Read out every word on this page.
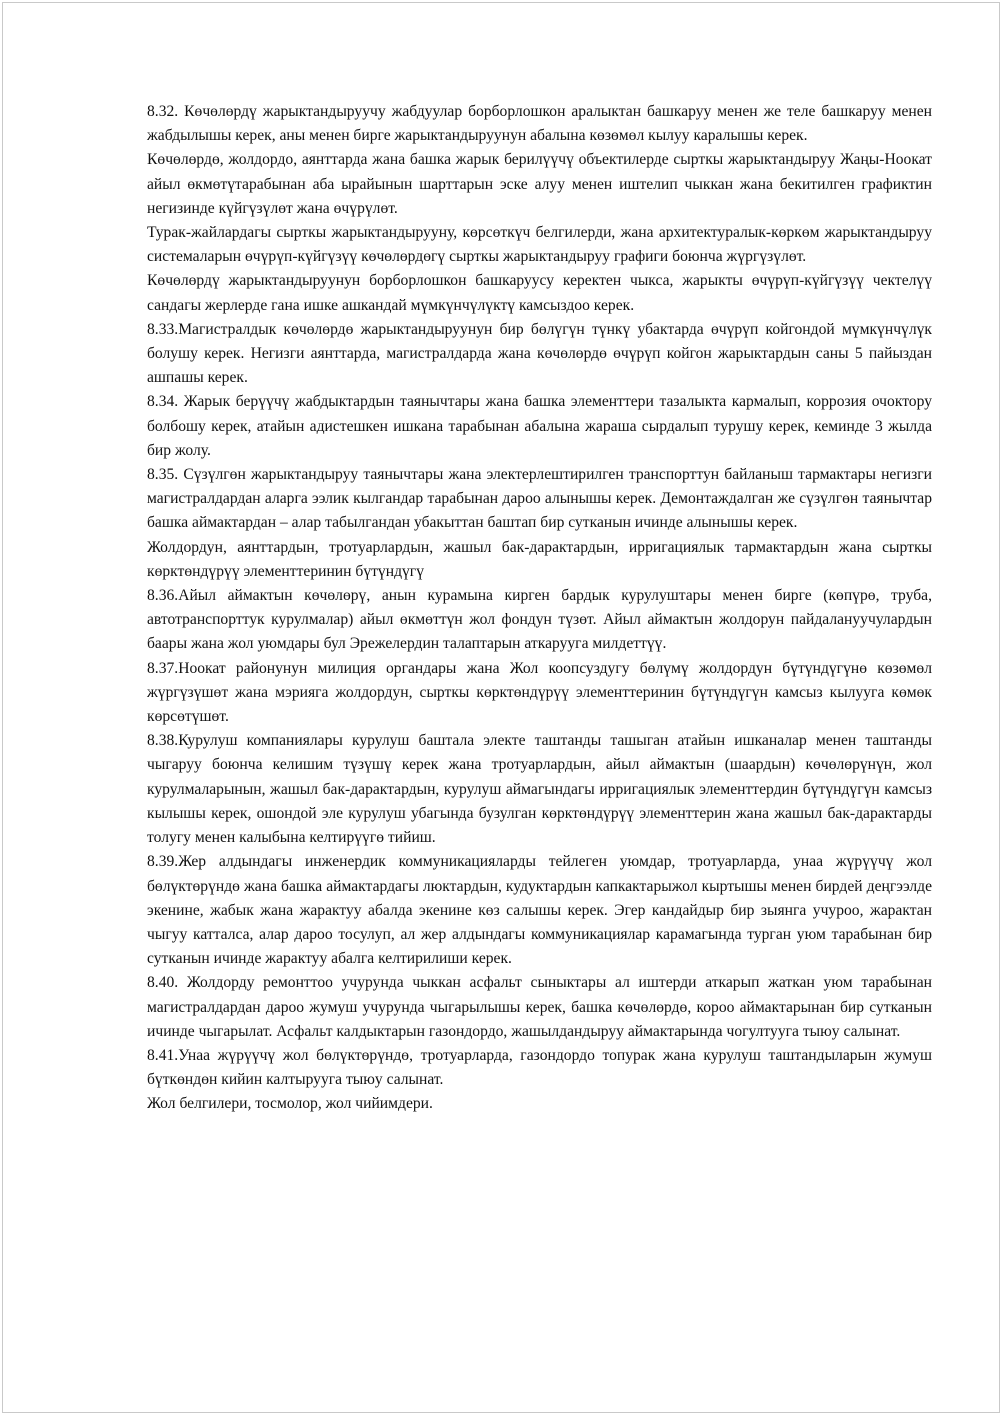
8.32. Көчөлөрдү жарыктандыруучу жабдуулар борборлошкон аралыктан башкаруу менен же теле башкаруу менен жабдылышы керек, аны менен бирге жарыктандыруунун абалына көзөмөл кылуу каралышы керек.

Көчөлөрдө, жолдордо, аянттарда жана башка жарык берилүүчү объектилерде сырткы жарыктандыруу Жаңы-Ноокат айыл өкмөтүтарабынан аба ырайынын шарттарын эске алуу менен иштелип чыккан жана бекитилген графиктин негизинде күйгүзүлөт жана өчүрүлөт.

Турак-жайлардагы сырткы жарыктандырууну, көрсөткүч белгилерди, жана архитектуралык-көркөм жарыктандыруу системаларын өчүрүп-күйгүзүү көчөлөрдөгү сырткы жарыктандыруу графиги боюнча жүргүзүлөт.

Көчөлөрдү жарыктандыруунун борборлошкон башкаруусу керектен чыкса, жарыкты өчүрүп-күйгүзүү чектелүү сандагы жерлерде гана ишке ашкандай мүмкүнчүлүктү камсыздоо керек.

8.33.Магистралдык көчөлөрдө жарыктандыруунун бир бөлүгүн түнкү убактарда өчүрүп койгондой мүмкүнчүлүк болушу керек. Негизги аянттарда, магистралдарда жана көчөлөрдө өчүрүп койгон жарыктардын саны 5 пайыздан ашпашы керек.

8.34. Жарык берүүчү жабдыктардын таянычтары жана башка элементтери тазалыкта кармалып, коррозия очоктору болбошу керек, атайын адистешкен ишкана тарабынан абалына жараша сырдалып турушу керек, кеминде 3 жылда бир жолу.

8.35. Сүзүлгөн жарыктандыруу таянычтары жана электерлештирилген транспорттун байланыш тармактары негизги магистралдардан аларга ээлик кылгандар тарабынан дароо алынышы керек. Демонтаждалган же сүзүлгөн таянычтар башка аймактардан – алар табылгандан убакыттан баштап бир сутканын ичинде алынышы керек.

Жолдордун, аянттардын, тротуарлардын, жашыл бак-дарактардын, ирригациялык тармактардын жана сырткы көрктөндүрүү элементтеринин бүтүндүгү

8.36.Айыл аймактын көчөлөрү, анын курамына кирген бардык курулуштары менен бирге (көпүрө, труба, автотранспорттук курулмалар) айыл өкмөттүн жол фондун түзөт. Айыл аймактын жолдорун пайдалануучулардын баары жана жол уюмдары бул Эрежелердин талаптарын аткарууга милдеттүү.

8.37.Ноокат районунун милиция органдары жана Жол коопсуздугу бөлүмү жолдордун бүтүндүгүнө көзөмөл жүргүзүшөт жана мэрияга жолдордун, сырткы көрктөндүрүү элементтеринин бүтүндүгүн камсыз кылууга көмөк көрсөтүшөт.

8.38.Курулуш компаниялары курулуш баштала электе таштанды ташыган атайын ишканалар менен таштанды чыгаруу боюнча келишим түзүшү керек жана тротуарлардын, айыл аймактын (шаардын) көчөлөрүнүн, жол курулмаларынын, жашыл бак-дарактардын, курулуш аймагындагы ирригациялык элементтердин бүтүндүгүн камсыз кылышы керек, ошондой эле курулуш убагында бузулган көрктөндүрүү элементтерин жана жашыл бак-дарактарды толугу менен калыбына келтирүүгө тийиш.

8.39.Жер алдындагы инженердик коммуникацияларды тейлеген уюмдар, тротуарларда, унаа жүрүүчү жол бөлүктөрүндө жана башка аймактардагы люктардын, кудуктардын капкактарыжол кыртышы менен бирдей деңгээлде экенине, жабык жана жарактуу абалда экенине көз салышы керек. Эгер кандайдыр бир зыянга учуроо, жарактан чыгуу катталса, алар дароо тосулуп, ал жер алдындагы коммуникациялар карамагында турган уюм тарабынан бир сутканын ичинде жарактуу абалга келтирилиши керек.

8.40. Жолдорду ремонттоо учурунда чыккан асфальт сыныктары ал иштерди аткарып жаткан уюм тарабынан магистралдардан дароо жумуш учурунда чыгарылышы керек, башка көчөлөрдө, короо аймактарынан бир сутканын ичинде чыгарылат. Асфальт калдыктарын газондордо, жашылдандыруу аймактарында чогултууга тыюу салынат.

8.41.Унаа жүрүүчү жол бөлүктөрүндө, тротуарларда, газондордо топурак жана курулуш таштандыларын жумуш бүткөндөн кийин калтырууга тыюу салынат.

Жол белгилери, тосмолор, жол чийимдери.
